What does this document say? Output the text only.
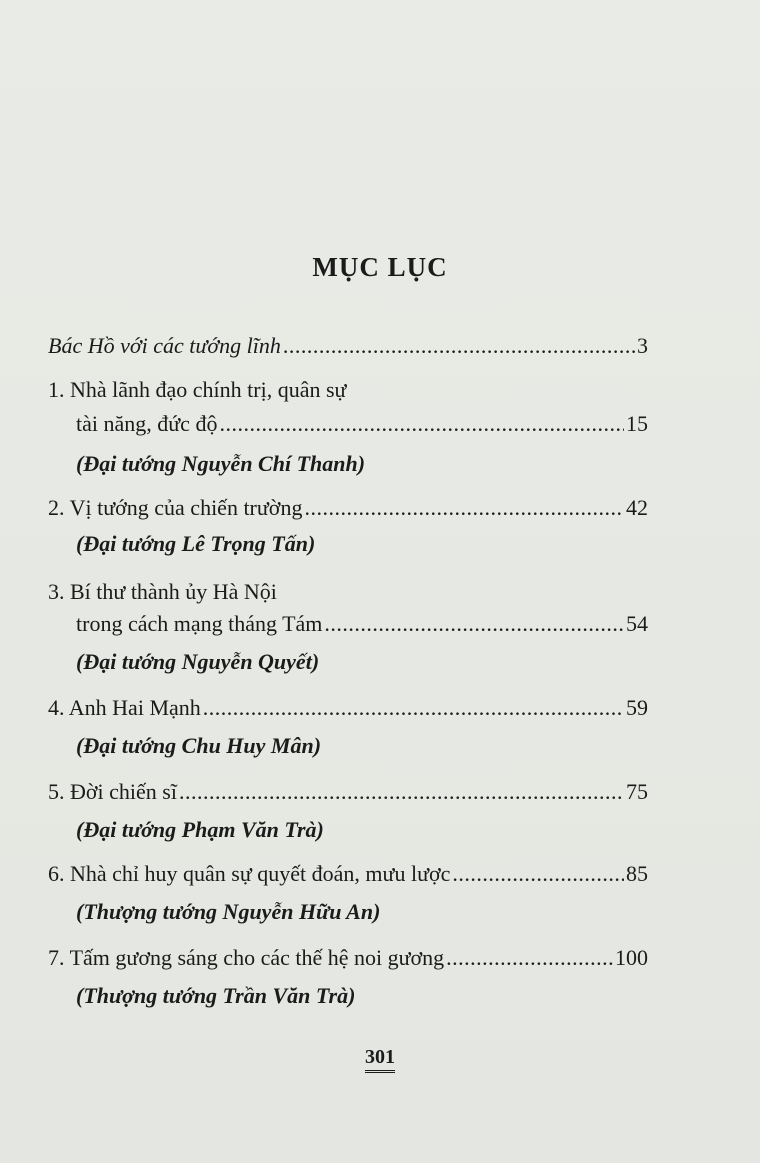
MỤC LỤC
Bác Hồ với các tướng lĩnh .....	3
1. Nhà lãnh đạo chính trị, quân sự
tài năng, đức độ .....	15
(Đại tướng Nguyễn Chí Thanh)
2. Vị tướng của chiến trường .....	42
(Đại tướng Lê Trọng Tấn)
3. Bí thư thành ủy Hà Nội
trong cách mạng tháng Tám .....	54
(Đại tướng Nguyễn Quyết)
4. Anh Hai Mạnh .....	59
(Đại tướng Chu Huy Mân)
5. Đời chiến sĩ .....	75
(Đại tướng Phạm Văn Trà)
6. Nhà chỉ huy quân sự quyết đoán, mưu lược .....	85
(Thượng tướng Nguyễn Hữu An)
7. Tấm gương sáng cho các thế hệ noi gương .....	100
(Thượng tướng Trần Văn Trà)
301
